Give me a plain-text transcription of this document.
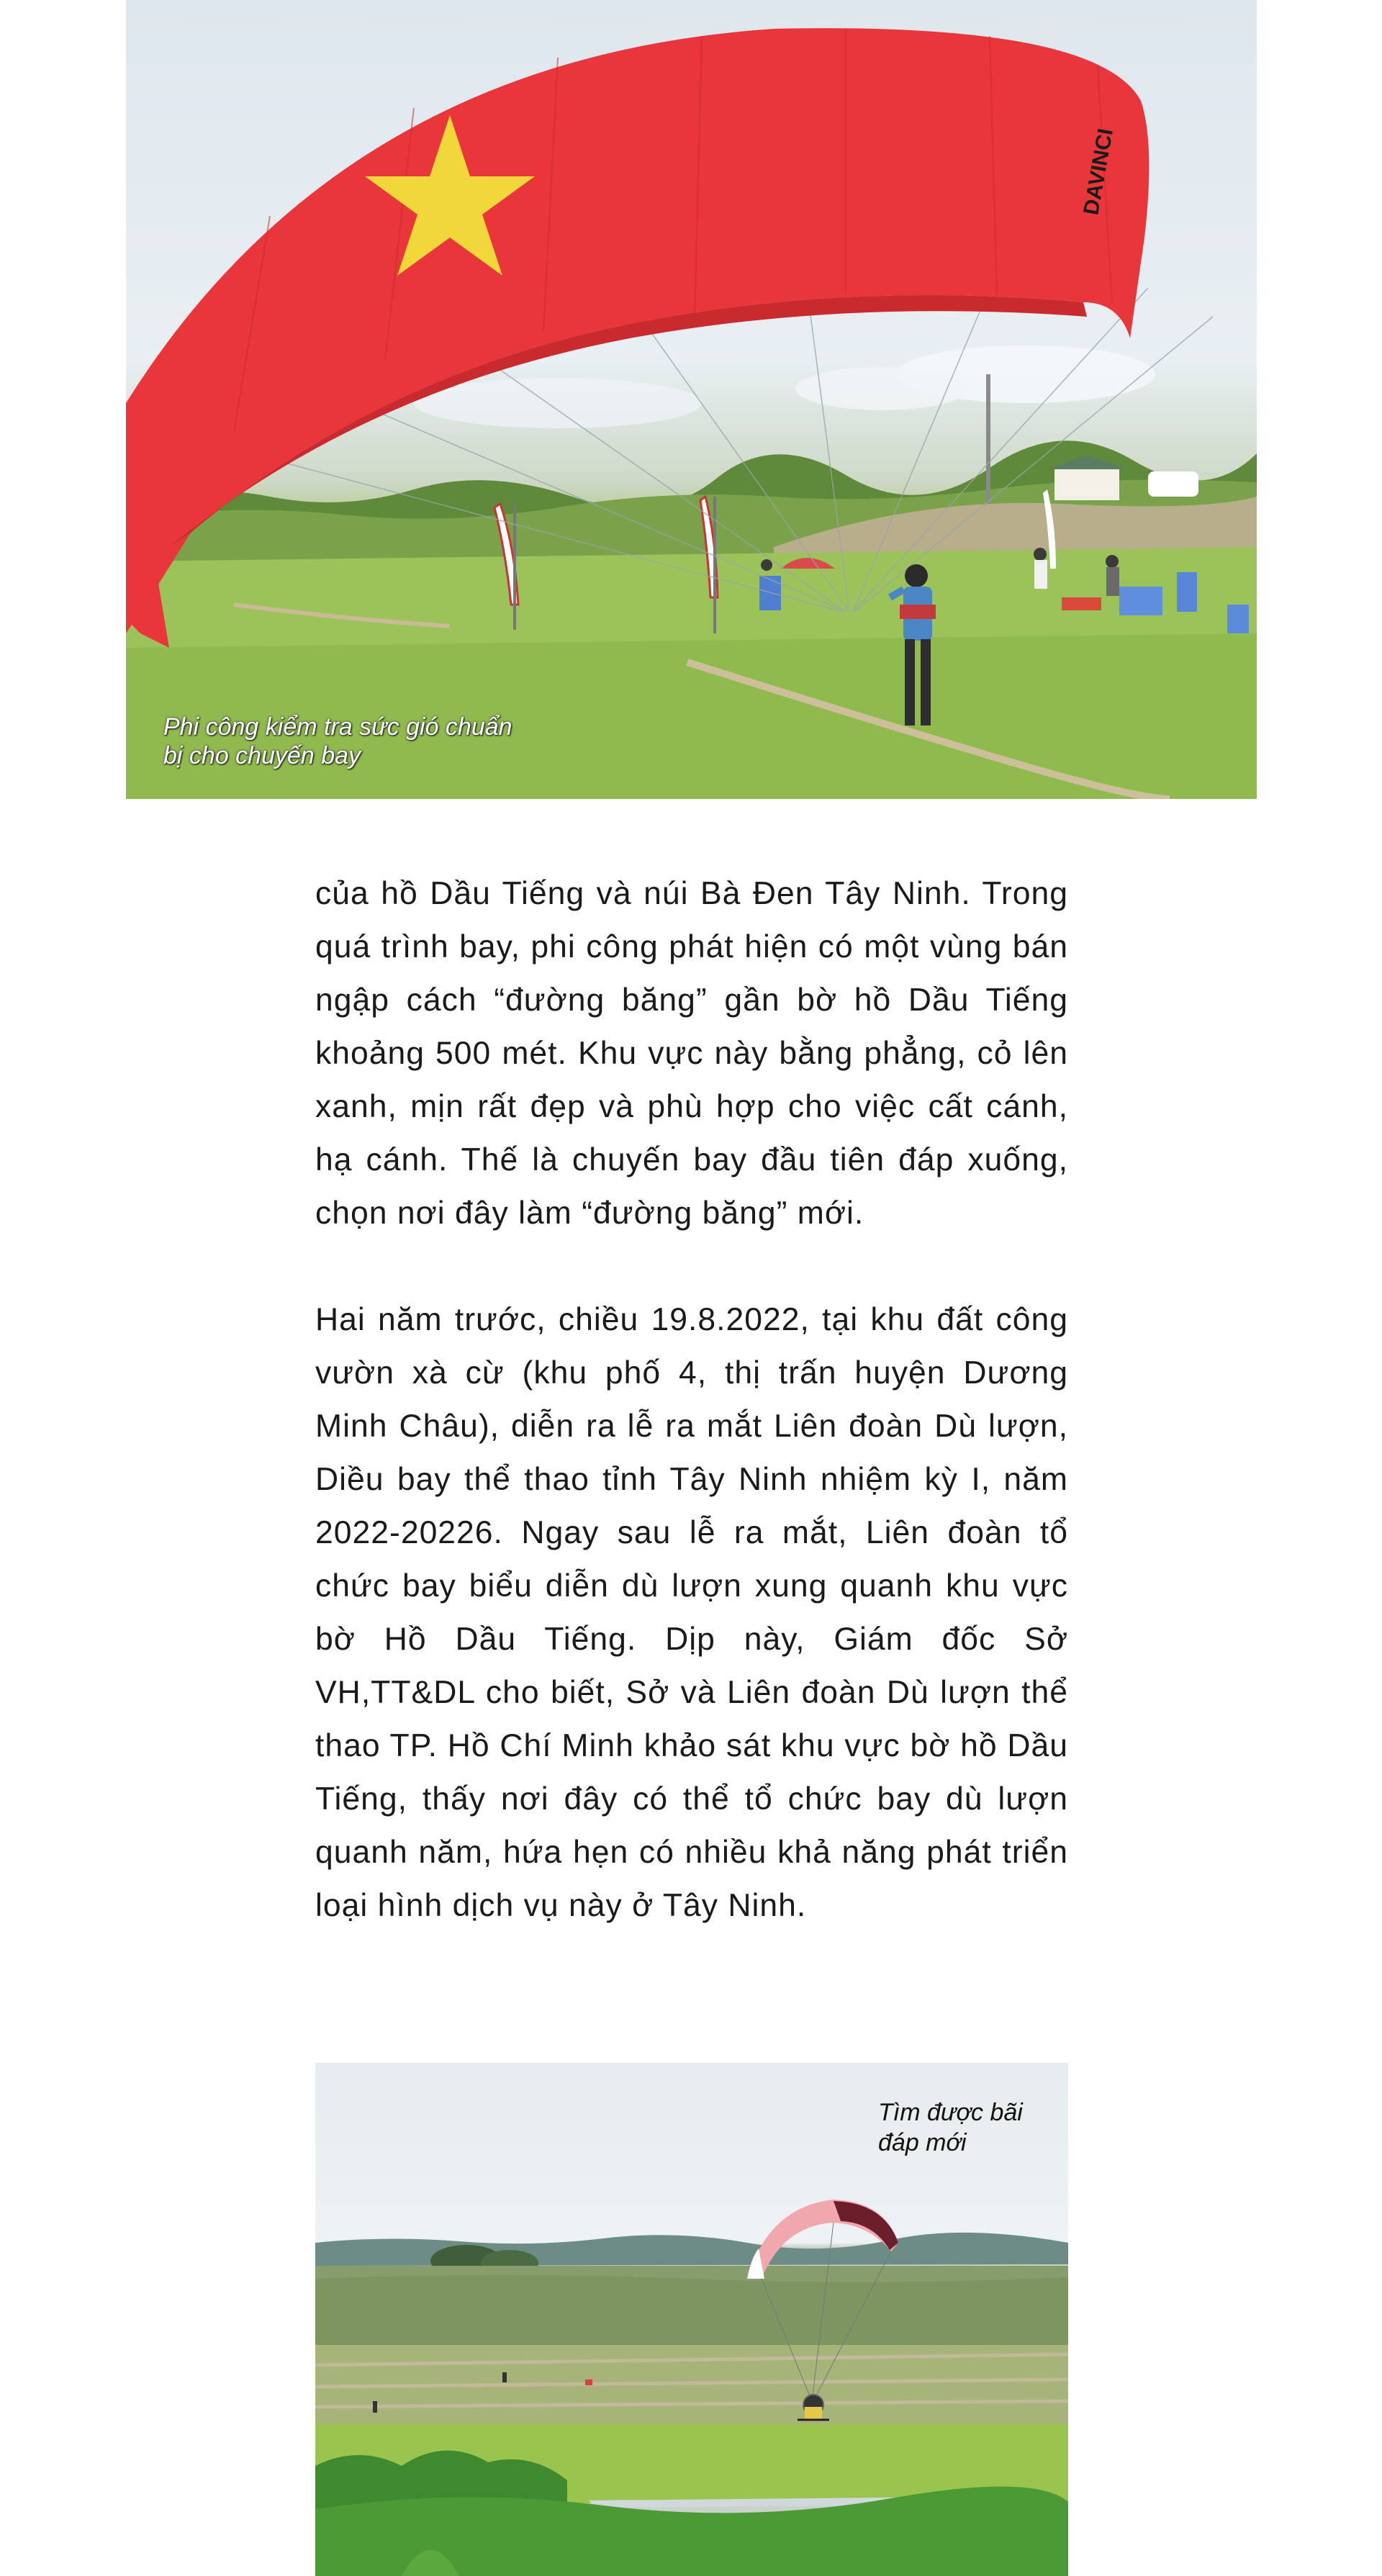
DAVINCI
Phi công kiểm tra sức gió chuẩn bị cho chuyến bay

của hồ Dầu Tiếng và núi Bà Đen Tây Ninh. Trong quá trình bay, phi công phát hiện có một vùng bán ngập cách “đường băng” gần bờ hồ Dầu Tiếng khoảng 500 mét. Khu vực này bằng phẳng, cỏ lên xanh, mịn rất đẹp và phù hợp cho việc cất cánh, hạ cánh. Thế là chuyến bay đầu tiên đáp xuống, chọn nơi đây làm “đường băng” mới.

Hai năm trước, chiều 19.8.2022, tại khu đất công vườn xà cừ (khu phố 4, thị trấn huyện Dương Minh Châu), diễn ra lễ ra mắt Liên đoàn Dù lượn, Diều bay thể thao tỉnh Tây Ninh nhiệm kỳ I, năm 2022-20226. Ngay sau lễ ra mắt, Liên đoàn tổ chức bay biểu diễn dù lượn xung quanh khu vực bờ Hồ Dầu Tiếng. Dịp này, Giám đốc Sở VH,TT&DL cho biết, Sở và Liên đoàn Dù lượn thể thao TP. Hồ Chí Minh khảo sát khu vực bờ hồ Dầu Tiếng, thấy nơi đây có thể tổ chức bay dù lượn quanh năm, hứa hẹn có nhiều khả năng phát triển loại hình dịch vụ này ở Tây Ninh.

Tìm được bãi đáp mới
